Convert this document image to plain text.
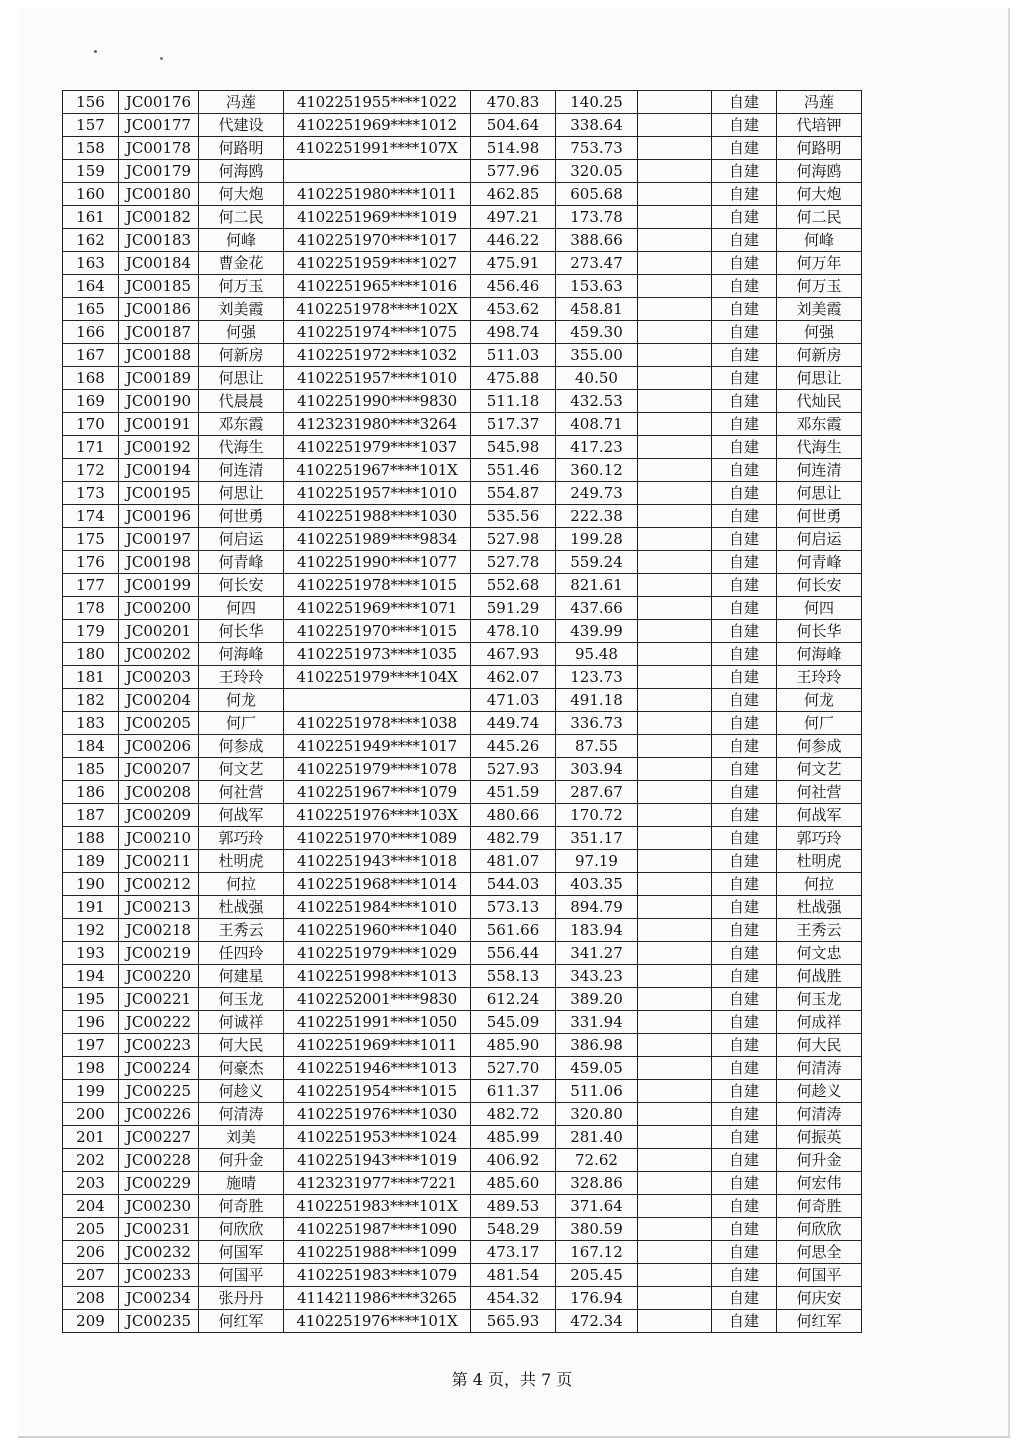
156	JC00176	冯莲	4102251955****1022	470.83	140.25		自建	冯莲
157	JC00177	代建设	4102251969****1012	504.64	338.64		自建	代培钾
158	JC00178	何路明	4102251991****107X	514.98	753.73		自建	何路明
159	JC00179	何海鸥		577.96	320.05		自建	何海鸥
160	JC00180	何大炮	4102251980****1011	462.85	605.68		自建	何大炮
161	JC00182	何二民	4102251969****1019	497.21	173.78		自建	何二民
162	JC00183	何峰	4102251970****1017	446.22	388.66		自建	何峰
163	JC00184	曹金花	4102251959****1027	475.91	273.47		自建	何万年
164	JC00185	何万玉	4102251965****1016	456.46	153.63		自建	何万玉
165	JC00186	刘美霞	4102251978****102X	453.62	458.81		自建	刘美霞
166	JC00187	何强	4102251974****1075	498.74	459.30		自建	何强
167	JC00188	何新房	4102251972****1032	511.03	355.00		自建	何新房
168	JC00189	何思让	4102251957****1010	475.88	40.50		自建	何思让
169	JC00190	代晨晨	4102251990****9830	511.18	432.53		自建	代灿民
170	JC00191	邓东霞	4123231980****3264	517.37	408.71		自建	邓东霞
171	JC00192	代海生	4102251979****1037	545.98	417.23		自建	代海生
172	JC00194	何连清	4102251967****101X	551.46	360.12		自建	何连清
173	JC00195	何思让	4102251957****1010	554.87	249.73		自建	何思让
174	JC00196	何世勇	4102251988****1030	535.56	222.38		自建	何世勇
175	JC00197	何启运	4102251989****9834	527.98	199.28		自建	何启运
176	JC00198	何青峰	4102251990****1077	527.78	559.24		自建	何青峰
177	JC00199	何长安	4102251978****1015	552.68	821.61		自建	何长安
178	JC00200	何四	4102251969****1071	591.29	437.66		自建	何四
179	JC00201	何长华	4102251970****1015	478.10	439.99		自建	何长华
180	JC00202	何海峰	4102251973****1035	467.93	95.48		自建	何海峰
181	JC00203	王玲玲	4102251979****104X	462.07	123.73		自建	王玲玲
182	JC00204	何龙		471.03	491.18		自建	何龙
183	JC00205	何厂	4102251978****1038	449.74	336.73		自建	何厂
184	JC00206	何参成	4102251949****1017	445.26	87.55		自建	何参成
185	JC00207	何文艺	4102251979****1078	527.93	303.94		自建	何文艺
186	JC00208	何社营	4102251967****1079	451.59	287.67		自建	何社营
187	JC00209	何战军	4102251976****103X	480.66	170.72		自建	何战军
188	JC00210	郭巧玲	4102251970****1089	482.79	351.17		自建	郭巧玲
189	JC00211	杜明虎	4102251943****1018	481.07	97.19		自建	杜明虎
190	JC00212	何拉	4102251968****1014	544.03	403.35		自建	何拉
191	JC00213	杜战强	4102251984****1010	573.13	894.79		自建	杜战强
192	JC00218	王秀云	4102251960****1040	561.66	183.94		自建	王秀云
193	JC00219	任四玲	4102251979****1029	556.44	341.27		自建	何文忠
194	JC00220	何建星	4102251998****1013	558.13	343.23		自建	何战胜
195	JC00221	何玉龙	4102252001****9830	612.24	389.20		自建	何玉龙
196	JC00222	何诚祥	4102251991****1050	545.09	331.94		自建	何成祥
197	JC00223	何大民	4102251969****1011	485.90	386.98		自建	何大民
198	JC00224	何豪杰	4102251946****1013	527.70	459.05		自建	何清涛
199	JC00225	何趁义	4102251954****1015	611.37	511.06		自建	何趁义
200	JC00226	何清涛	4102251976****1030	482.72	320.80		自建	何清涛
201	JC00227	刘美	4102251953****1024	485.99	281.40		自建	何振英
202	JC00228	何升金	4102251943****1019	406.92	72.62		自建	何升金
203	JC00229	施晴	4123231977****7221	485.60	328.86		自建	何宏伟
204	JC00230	何奇胜	4102251983****101X	489.53	371.64		自建	何奇胜
205	JC00231	何欣欣	4102251987****1090	548.29	380.59		自建	何欣欣
206	JC00232	何国军	4102251988****1099	473.17	167.12		自建	何思全
207	JC00233	何国平	4102251983****1079	481.54	205.45		自建	何国平
208	JC00234	张丹丹	4114211986****3265	454.32	176.94		自建	何庆安
209	JC00235	何红军	4102251976****101X	565.93	472.34		自建	何红军
第 4 页，共 7 页
